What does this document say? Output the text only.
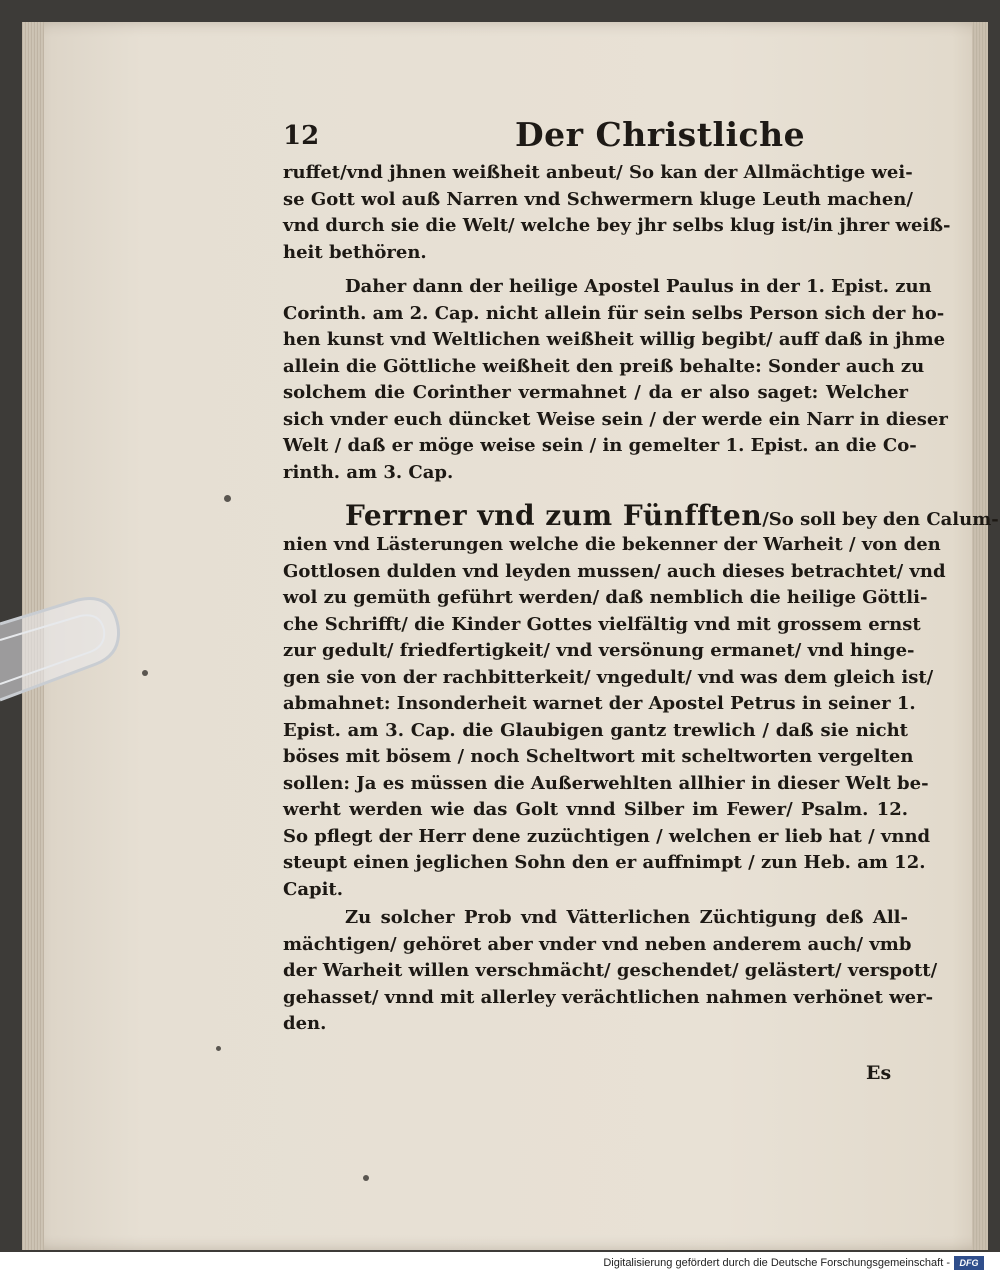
12	Der Christliche
ruffet/vnd jhnen weißheit anbeut/ So kan der Allmächtige wei-
se Gott wol auß Narren vnd Schwermern kluge Leuth machen/
vnd durch sie die Welt/ welche bey jhr selbs klug ist/in jhrer weiß-
heit bethören.
Daher dann der heilige Apostel Paulus in der 1. Epist. zun
Corinth. am 2. Cap. nicht allein für sein selbs Person sich der ho-
hen kunst vnd Weltlichen weißheit willig begibt/ auff daß in jhme
allein die Göttliche weißheit den preiß behalte: Sonder auch zu
solchem die Corinther vermahnet / da er also saget: Welcher
sich vnder euch düncket Weise sein / der werde ein Narr in dieser
Welt / daß er möge weise sein / in gemelter 1. Epist. an die Co-
rinth. am 3. Cap.
Ferrner vnd zum Fünfften/So soll bey den Calum-
nien vnd Lästerungen welche die bekenner der Warheit / von den
Gottlosen dulden vnd leyden mussen/ auch dieses betrachtet/ vnd
wol zu gemüth geführt werden/ daß nemblich die heilige Göttli-
che Schrifft/ die Kinder Gottes vielfältig vnd mit grossem ernst
zur gedult/ friedfertigkeit/ vnd versönung ermanet/ vnd hinge-
gen sie von der rachbitterkeit/ vngedult/ vnd was dem gleich ist/
abmahnet: Insonderheit warnet der Apostel Petrus in seiner 1.
Epist. am 3. Cap. die Glaubigen gantz trewlich / daß sie nicht
böses mit bösem / noch Scheltwort mit scheltworten vergelten
sollen: Ja es müssen die Außerwehlten allhier in dieser Welt be-
werht werden wie das Golt vnnd Silber im Fewer/ Psalm. 12.
So pflegt der Herr dene zuzüchtigen / welchen er lieb hat / vnnd
steupt einen jeglichen Sohn den er auffnimpt / zun Heb. am 12.
Capit.
Zu solcher Prob vnd Vätterlichen Züchtigung deß All-
mächtigen/ gehöret aber vnder vnd neben anderem auch/ vmb
der Warheit willen verschmächt/ geschendet/ gelästert/ verspott/
gehasset/ vnnd mit allerley verächtlichen nahmen verhönet wer-
den.
Es
Digitalisierung gefördert durch die Deutsche Forschungsgemeinschaft -	DFG
